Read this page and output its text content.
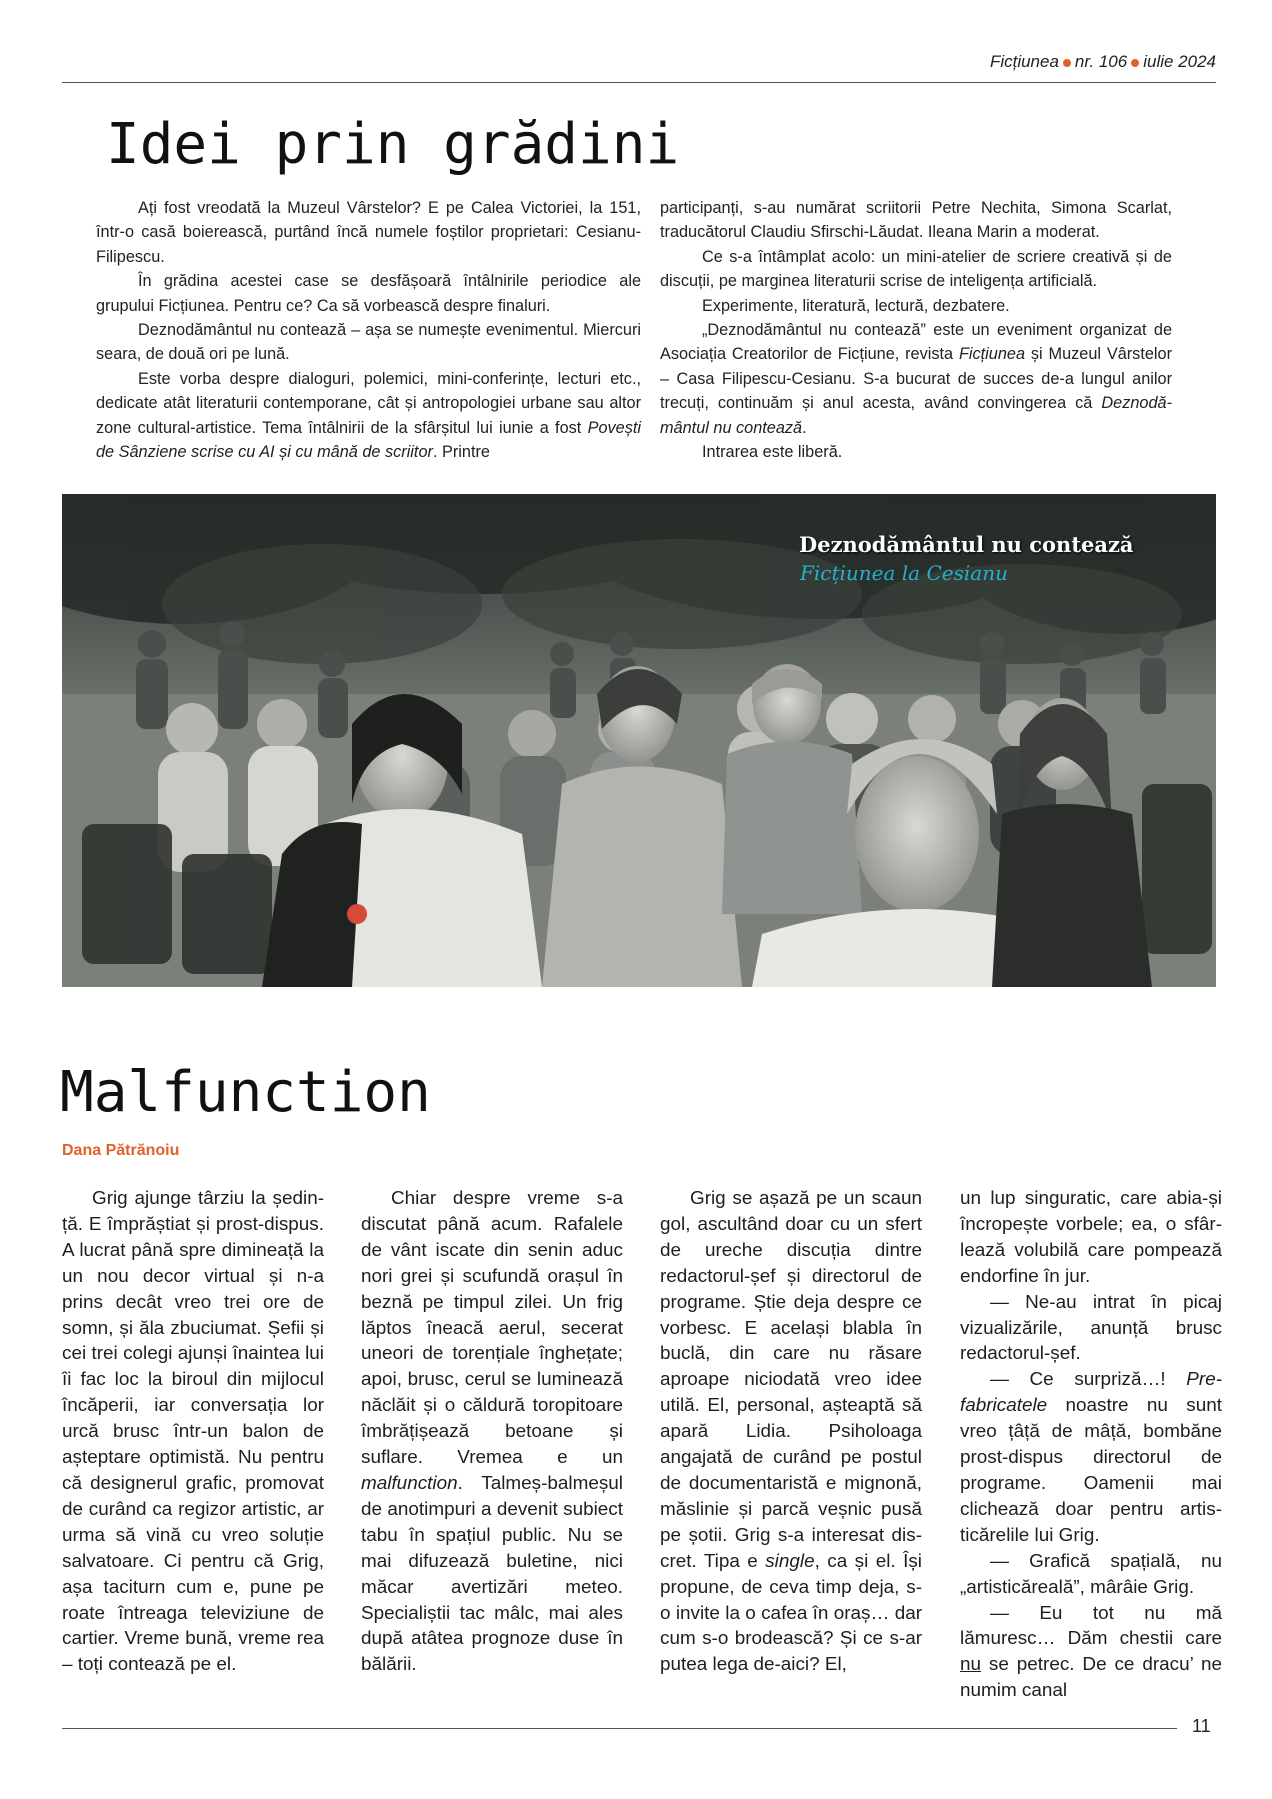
Ficțiunea nr. 106 iulie 2024
Idei prin grădini

Ați fost vreodată la Muzeul Vârstelor? E pe Calea Victoriei, la 151, într-o casă boierească, purtând încă numele foștilor proprietari: Cesianu-Filipescu.

În grădina acestei case se desfășoară întâlnirile periodice ale grupului Ficțiunea. Pentru ce? Ca să vorbească despre finaluri.

Deznodământul nu contează – așa se numește evenimentul. Miercuri seara, de două ori pe lună.

Este vorba despre dialoguri, polemici, mini-conferințe, lecturi etc., dedicate atât literaturii contemporane, cât și antropologiei urbane sau altor zone cultural-artistice. Tema întâlnirii de la sfârșitul lui iunie a fost Povești de Sânziene scrise cu AI și cu mână de scriitor. Printre

participanți, s-au numărat scriitorii Petre Nechita, Simona Scarlat, traducătorul Claudiu Sfirschi-Lăudat. Ileana Marin a moderat.

Ce s-a întâmplat acolo: un mini-atelier de scriere creativă și de discuții, pe marginea literaturii scrise de inteligența artificială.

Experimente, literatură, lectură, dezbatere.

„Deznodământul nu contează” este un eveniment organizat de Asociația Creatorilor de Ficțiune, revista Ficțiunea și Muzeul Vârstelor – Casa Filipescu-Cesianu. S-a bucurat de succes de-a lungul anilor trecuți, continuăm și anul acesta, având convingerea că Deznodământul nu contează.

Intrarea este liberă.

Deznodământul nu contează
Ficțiunea la Cesianu
Malfunction
Dana Pătrănoiu

Grig ajunge târziu la ședință. E împrăștiat și prost-dispus. A lucrat până spre dimineață la un nou decor virtual și n-a prins decât vreo trei ore de somn, și ăla zbuciumat. Șefii și cei trei colegi ajunși înaintea lui îi fac loc la biroul din mijlocul încăperii, iar conversația lor urcă brusc într-un balon de așteptare optimistă. Nu pentru că designerul grafic, promovat de curând ca regizor artistic, ar urma să vină cu vreo soluție salvatoare. Ci pentru că Grig, așa taciturn cum e, pune pe roate întreaga televiziune de cartier. Vreme bună, vreme rea – toți contează pe el.

Chiar despre vreme s-a discutat până acum. Rafalele de vânt iscate din senin aduc nori grei și scufundă orașul în beznă pe timpul zilei. Un frig lăptos îneacă aerul, secerat uneori de torențiale înghețate; apoi, brusc, cerul se luminează năclăit și o căldură toropitoare îmbrățișează betoane și suflare. Vremea e un malfunction. Talmeș-balmeșul de anotimpuri a devenit subiect tabu în spațiul public. Nu se mai difuzează buletine, nici măcar avertizări meteo. Specialiștii tac mâlc, mai ales după atâtea prognoze duse în bălării.

Grig se așază pe un scaun gol, ascultând doar cu un sfert de ureche discuția dintre redactorul-șef și directorul de programe. Știe deja despre ce vorbesc. E același blabla în buclă, din care nu răsare aproape niciodată vreo idee utilă. El, personal, așteaptă să apară Lidia. Psiholoaga angajată de curând pe postul de documentaristă e mignonă, măslinie și parcă veșnic pusă pe șotii. Grig s-a interesat discret. Tipa e single, ca și el. Își propune, de ceva timp deja, s-o invite la o cafea în oraș… dar cum s-o brodească? Și ce s-ar putea lega de-aici? El,

un lup singuratic, care abia-și încropește vorbele; ea, o sfârlează volubilă care pompează endorfine în jur.

— Ne-au intrat în picaj vizualizările, anunță brusc redactorul-șef.

— Ce surpriză…! Prefabricatele noastre nu sunt vreo țâță de mâță, bombăne prost-dispus directorul de programe. Oamenii mai clichează doar pentru artisticărelile lui Grig.

— Grafică spațială, nu „artisticăreală”, mârâie Grig.

— Eu tot nu mă lămuresc… Dăm chestii care nu se petrec. De ce dracu’ ne numim canal

11
